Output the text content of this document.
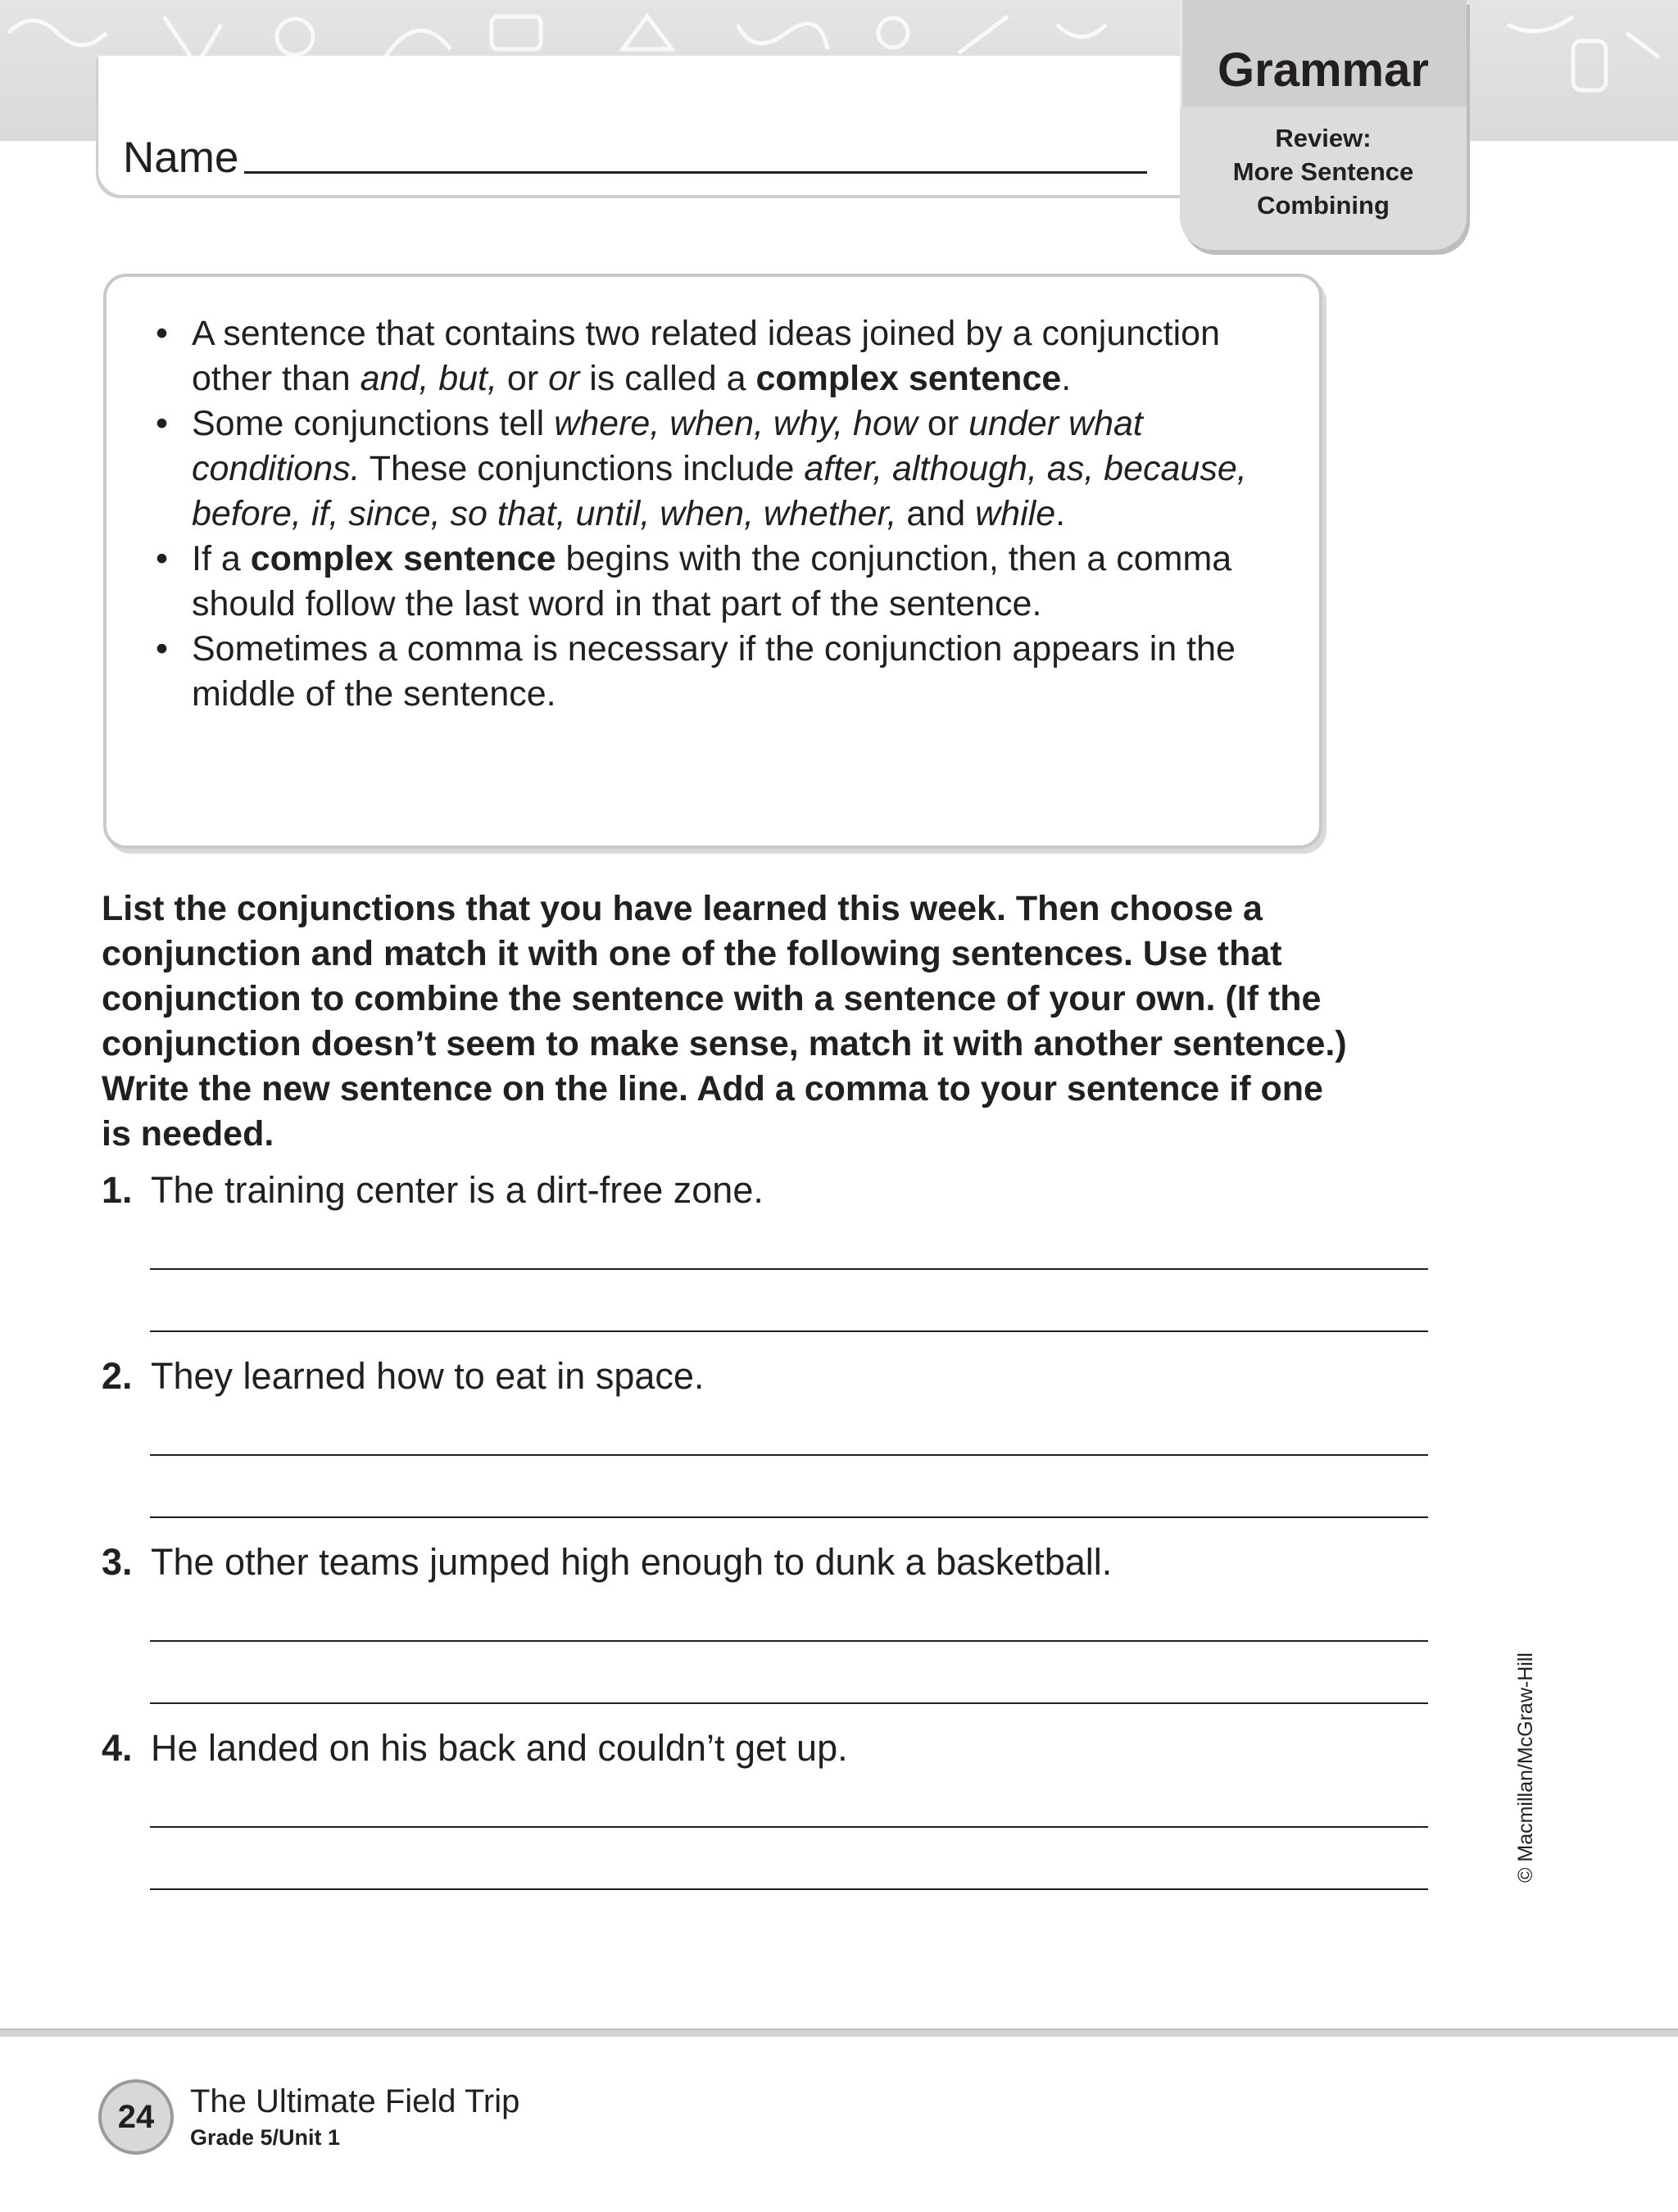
Name
Grammar
Review:
More Sentence
Combining
• A sentence that contains two related ideas joined by a conjunction other than and, but, or or is called a complex sentence.
• Some conjunctions tell where, when, why, how or under what conditions. These conjunctions include after, although, as, because, before, if, since, so that, until, when, whether, and while.
• If a complex sentence begins with the conjunction, then a comma should follow the last word in that part of the sentence.
• Sometimes a comma is necessary if the conjunction appears in the middle of the sentence.
List the conjunctions that you have learned this week. Then choose a conjunction and match it with one of the following sentences. Use that conjunction to combine the sentence with a sentence of your own. (If the conjunction doesn’t seem to make sense, match it with another sentence.) Write the new sentence on the line. Add a comma to your sentence if one is needed.
1. The training center is a dirt-free zone.
2. They learned how to eat in space.
3. The other teams jumped high enough to dunk a basketball.
4. He landed on his back and couldn’t get up.	© Macmillan/McGraw-Hill
24	The Ultimate Field Trip
Grade 5/Unit 1
